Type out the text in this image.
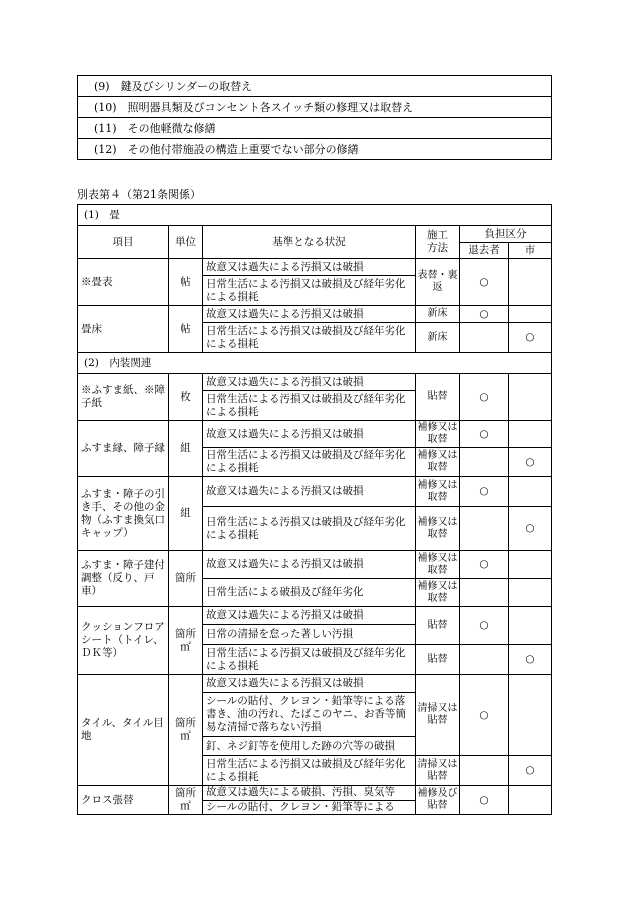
(9)　鍵及びシリンダーの取替え
(10)　照明器具類及びコンセント各スイッチ類の修理又は取替え
(11)　その他軽微な修繕
(12)　その他付帯施設の構造上重要でない部分の修繕
別表第４（第21条関係）
(1)　畳					
項目	単位	基準となる状況	施工
方法	負担区分	
				退去者	市
※畳表	帖	故意又は過失による汚損又は破損	表替・裏返	○	
		日常生活による汚損又は破損及び経年劣化による損耗			
畳床	帖	故意又は過失による汚損又は破損	新床	○	
		日常生活による汚損又は破損及び経年劣化による損耗	新床		○
(2)　内装関連					
※ふすま紙、※障子紙	枚	故意又は過失による汚損又は破損	貼替	○	
		日常生活による汚損又は破損及び経年劣化による損耗			
ふすま縁、障子縁	組	故意又は過失による汚損又は破損	補修又は取替	○	
		日常生活による汚損又は破損及び経年劣化による損耗	補修又は取替		○
ふすま・障子の引き手、その他の金物（ふすま換気口キャップ）	組	故意又は過失による汚損又は破損	補修又は取替	○	
		日常生活による汚損又は破損及び経年劣化による損耗	補修又は取替		○
ふすま・障子建付調整（反り、戸車）	箇所	故意又は過失による汚損又は破損	補修又は取替	○	
		日常生活による破損及び経年劣化	補修又は取替		
クッションフロアシート（トイレ、ＤＫ等）	箇所㎡	故意又は過失による汚損又は破損	貼替	○	
		日常の清掃を怠った著しい汚損			
		日常生活による汚損又は破損及び経年劣化による損耗	貼替		○
タイル、タイル目地	箇所㎡	故意又は過失による汚損又は破損	清掃又は貼替	○	
		シールの貼付、クレヨン・鉛筆等による落書き、油の汚れ、たばこのヤニ、お香等簡易な清掃で落ちない汚損			
		釘、ネジ釘等を使用した跡の穴等の破損			
		日常生活による汚損又は破損及び経年劣化による損耗	清掃又は貼替		○
クロス張替	箇所㎡	故意又は過失による破損、汚損、臭気等	補修及び貼替	○	
		シールの貼付、クレヨン・鉛筆等による			
